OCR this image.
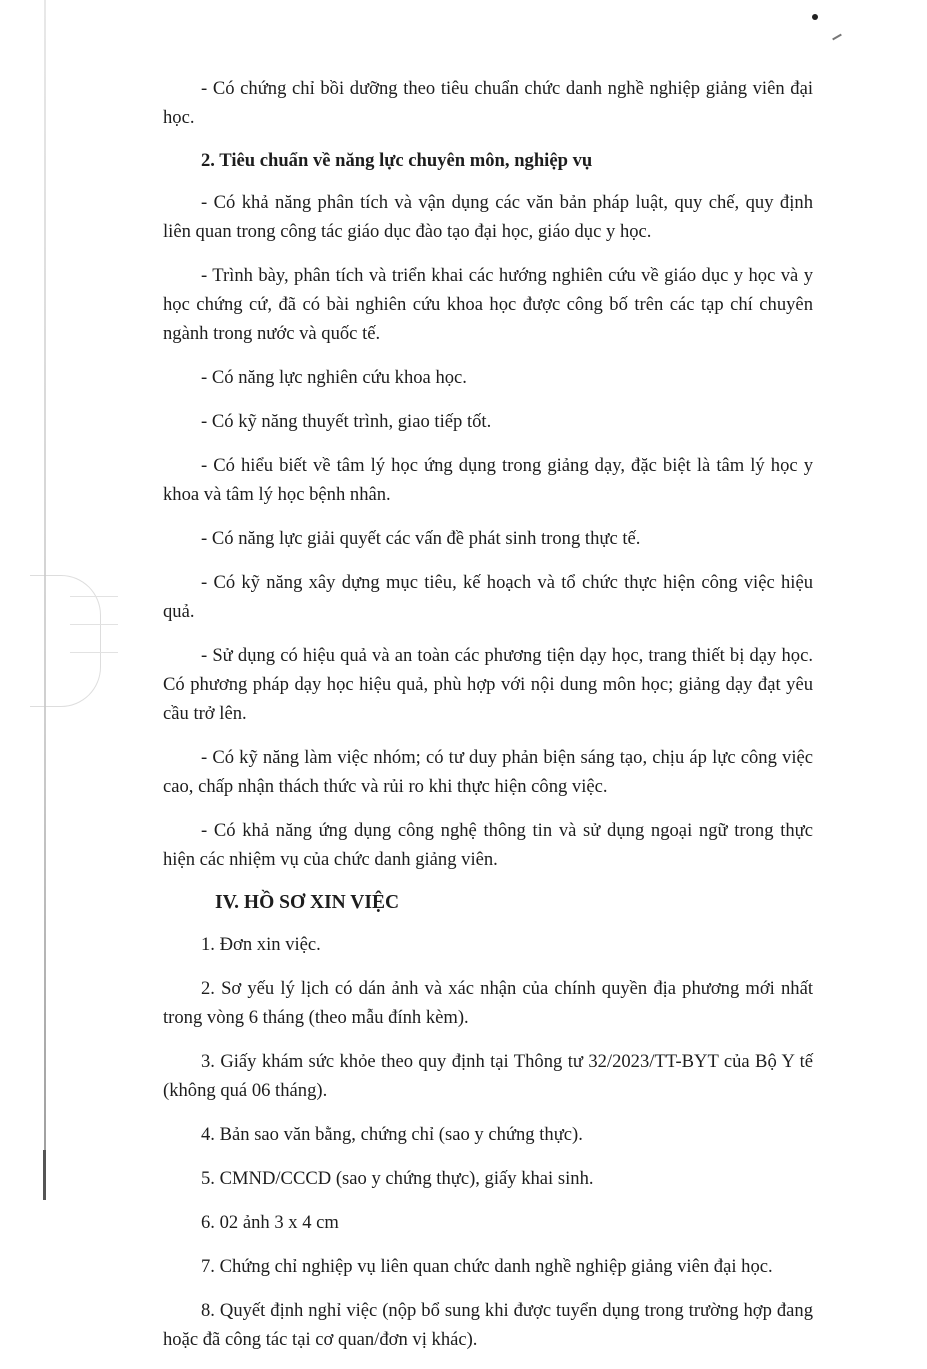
- Có chứng chỉ bồi dưỡng theo tiêu chuẩn chức danh nghề nghiệp giảng viên đại học.

2. Tiêu chuẩn về năng lực chuyên môn, nghiệp vụ

- Có khả năng phân tích và vận dụng các văn bản pháp luật, quy chế, quy định liên quan trong công tác giáo dục đào tạo đại học, giáo dục y học.

- Trình bày, phân tích và triển khai các hướng nghiên cứu về giáo dục y học và y học chứng cứ, đã có bài nghiên cứu khoa học được công bố trên các tạp chí chuyên ngành trong nước và quốc tế.

- Có năng lực nghiên cứu khoa học.

- Có kỹ năng thuyết trình, giao tiếp tốt.

- Có hiểu biết về tâm lý học ứng dụng trong giảng dạy, đặc biệt là tâm lý học y khoa và tâm lý học bệnh nhân.

- Có năng lực giải quyết các vấn đề phát sinh trong thực tế.

- Có kỹ năng xây dựng mục tiêu, kế hoạch và tổ chức thực hiện công việc hiệu quả.

- Sử dụng có hiệu quả và an toàn các phương tiện dạy học, trang thiết bị dạy học. Có phương pháp dạy học hiệu quả, phù hợp với nội dung môn học; giảng dạy đạt yêu cầu trở lên.

- Có kỹ năng làm việc nhóm; có tư duy phản biện sáng tạo, chịu áp lực công việc cao, chấp nhận thách thức và rủi ro khi thực hiện công việc.

- Có khả năng ứng dụng công nghệ thông tin và sử dụng ngoại ngữ trong thực hiện các nhiệm vụ của chức danh giảng viên.

IV. HỒ SƠ XIN VIỆC

1. Đơn xin việc.

2. Sơ yếu lý lịch có dán ảnh và xác nhận của chính quyền địa phương mới nhất trong vòng 6 tháng (theo mẫu đính kèm).

3. Giấy khám sức khỏe theo quy định tại Thông tư 32/2023/TT-BYT của Bộ Y tế (không quá 06 tháng).

4. Bản sao văn bằng, chứng chỉ (sao y chứng thực).

5. CMND/CCCD (sao y chứng thực), giấy khai sinh.

6. 02 ảnh 3 x 4 cm

7. Chứng chỉ nghiệp vụ liên quan chức danh nghề nghiệp giảng viên đại học.

8. Quyết định nghỉ việc (nộp bổ sung khi được tuyển dụng trong trường hợp đang hoặc đã công tác tại cơ quan/đơn vị khác).
